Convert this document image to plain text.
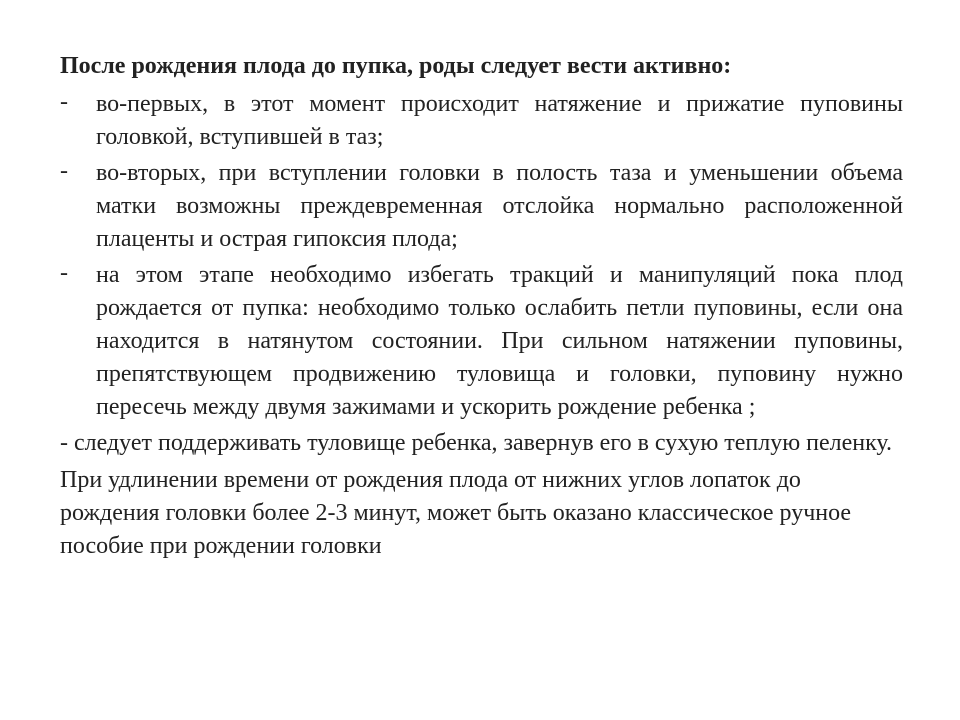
После рождения плода до пупка, роды следует вести активно:
- во-первых, в этот момент происходит натяжение и прижатие пуповины головкой, вступившей в таз;
- во-вторых, при вступлении головки в полость таза и уменьшении объема матки возможны преждевременная отслойка нормально расположенной плаценты и острая гипоксия плода;
- на этом этапе необходимо избегать тракций и манипуляций пока плод рождается от пупка: необходимо только ослабить петли пуповины, если она находится в натянутом состоянии. При сильном натяжении пуповины, препятствующем продвижению туловища и головки, пуповину нужно пересечь между двумя зажимами и ускорить рождение ребенка ;
- следует поддерживать туловище ребенка, завернув его в сухую теплую пеленку.
При удлинении времени от рождения плода от нижних углов лопаток до рождения головки более 2-3 минут, может быть оказано классическое ручное пособие при рождении головки
